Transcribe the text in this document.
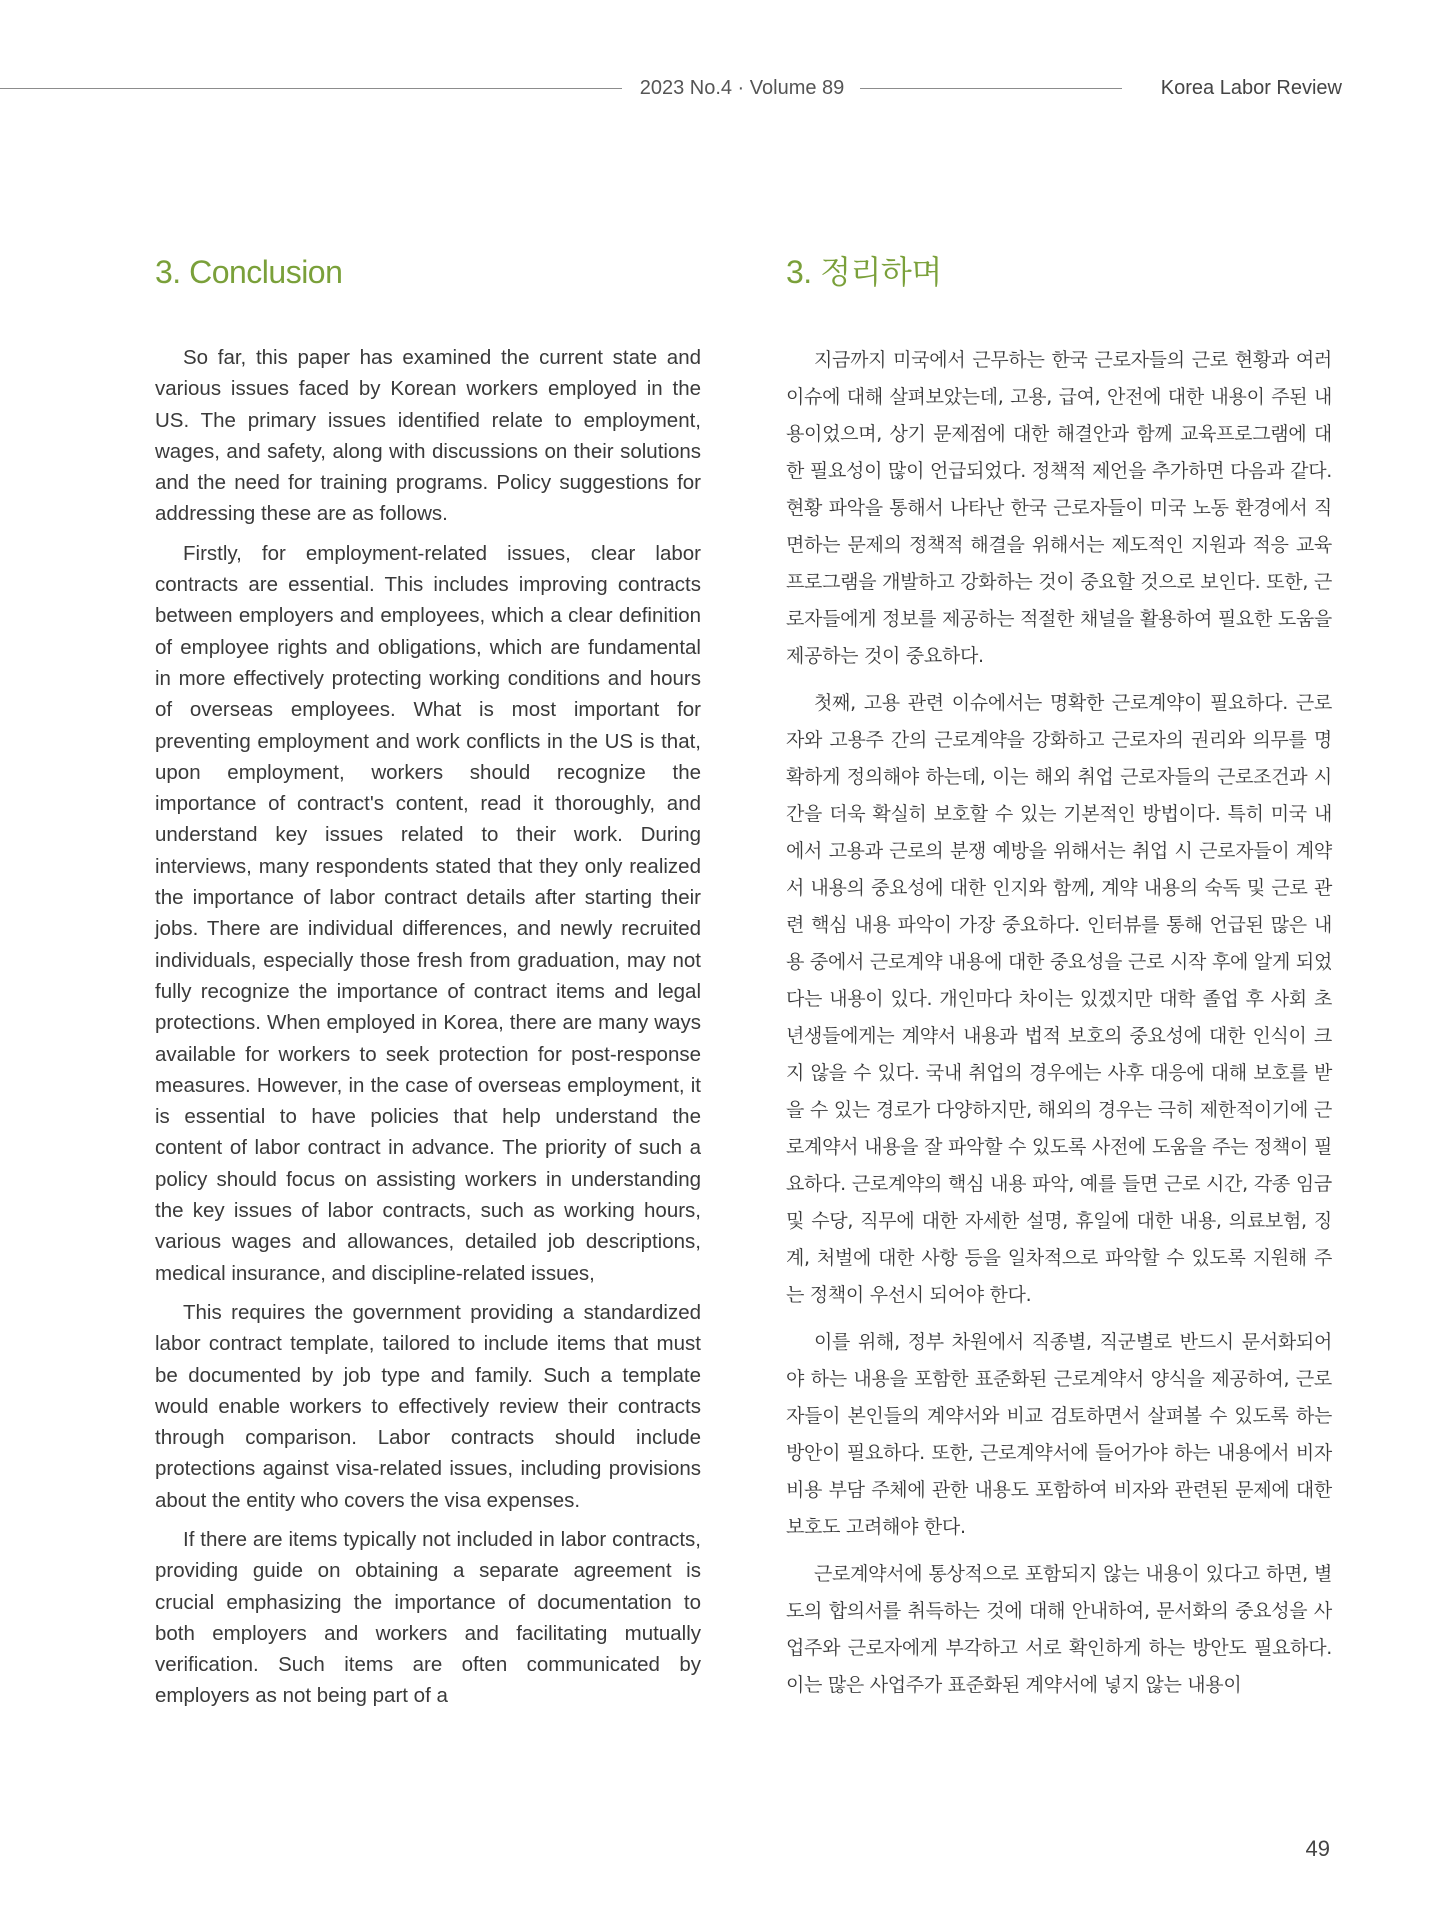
2023 No.4 · Volume 89	Korea Labor Review
3. Conclusion

So far, this paper has examined the current state and various issues faced by Korean workers employed in the US. The primary issues identified relate to employment, wages, and safety, along with discussions on their solutions and the need for training programs. Policy suggestions for addressing these are as follows.

Firstly, for employment-related issues, clear labor contracts are essential. This includes improving contracts between employers and employees, which a clear definition of employee rights and obligations, which are fundamental in more effectively protecting working conditions and hours of overseas employees. What is most important for preventing employment and work conflicts in the US is that, upon employment, workers should recognize the importance of contract's content, read it thoroughly, and understand key issues related to their work. During interviews, many respondents stated that they only realized the importance of labor contract details after starting their jobs. There are individual differences, and newly recruited individuals, especially those fresh from graduation, may not fully recognize the importance of contract items and legal protections. When employed in Korea, there are many ways available for workers to seek protection for post-response measures. However, in the case of overseas employment, it is essential to have policies that help understand the content of labor contract in advance. The priority of such a policy should focus on assisting workers in understanding the key issues of labor contracts, such as working hours, various wages and allowances, detailed job descriptions, medical insurance, and discipline-related issues,

This requires the government providing a standardized labor contract template, tailored to include items that must be documented by job type and family. Such a template would enable workers to effectively review their contracts through comparison. Labor contracts should include protections against visa-related issues, including provisions about the entity who covers the visa expenses.

If there are items typically not included in labor contracts, providing guide on obtaining a separate agreement is crucial emphasizing the importance of documentation to both employers and workers and facilitating mutually verification. Such items are often communicated by employers as not being part of a

3. 정리하며

지금까지 미국에서 근무하는 한국 근로자들의 근로 현황과 여러 이슈에 대해 살펴보았는데, 고용, 급여, 안전에 대한 내용이 주된 내용이었으며, 상기 문제점에 대한 해결안과 함께 교육프로그램에 대한 필요성이 많이 언급되었다. 정책적 제언을 추가하면 다음과 같다. 현황 파악을 통해서 나타난 한국 근로자들이 미국 노동 환경에서 직면하는 문제의 정책적 해결을 위해서는 제도적인 지원과 적응 교육프로그램을 개발하고 강화하는 것이 중요할 것으로 보인다. 또한, 근로자들에게 정보를 제공하는 적절한 채널을 활용하여 필요한 도움을 제공하는 것이 중요하다.

첫째, 고용 관련 이슈에서는 명확한 근로계약이 필요하다. 근로자와 고용주 간의 근로계약을 강화하고 근로자의 권리와 의무를 명확하게 정의해야 하는데, 이는 해외 취업 근로자들의 근로조건과 시간을 더욱 확실히 보호할 수 있는 기본적인 방법이다. 특히 미국 내에서 고용과 근로의 분쟁 예방을 위해서는 취업 시 근로자들이 계약서 내용의 중요성에 대한 인지와 함께, 계약 내용의 숙독 및 근로 관련 핵심 내용 파악이 가장 중요하다. 인터뷰를 통해 언급된 많은 내용 중에서 근로계약 내용에 대한 중요성을 근로 시작 후에 알게 되었다는 내용이 있다. 개인마다 차이는 있겠지만 대학 졸업 후 사회 초년생들에게는 계약서 내용과 법적 보호의 중요성에 대한 인식이 크지 않을 수 있다. 국내 취업의 경우에는 사후 대응에 대해 보호를 받을 수 있는 경로가 다양하지만, 해외의 경우는 극히 제한적이기에 근로계약서 내용을 잘 파악할 수 있도록 사전에 도움을 주는 정책이 필요하다. 근로계약의 핵심 내용 파악, 예를 들면 근로 시간, 각종 임금 및 수당, 직무에 대한 자세한 설명, 휴일에 대한 내용, 의료보험, 징계, 처벌에 대한 사항 등을 일차적으로 파악할 수 있도록 지원해 주는 정책이 우선시 되어야 한다.

이를 위해, 정부 차원에서 직종별, 직군별로 반드시 문서화되어야 하는 내용을 포함한 표준화된 근로계약서 양식을 제공하여, 근로자들이 본인들의 계약서와 비교 검토하면서 살펴볼 수 있도록 하는 방안이 필요하다. 또한, 근로계약서에 들어가야 하는 내용에서 비자 비용 부담 주체에 관한 내용도 포함하여 비자와 관련된 문제에 대한 보호도 고려해야 한다.

근로계약서에 통상적으로 포함되지 않는 내용이 있다고 하면, 별도의 합의서를 취득하는 것에 대해 안내하여, 문서화의 중요성을 사업주와 근로자에게 부각하고 서로 확인하게 하는 방안도 필요하다. 이는 많은 사업주가 표준화된 계약서에 넣지 않는 내용이

49
